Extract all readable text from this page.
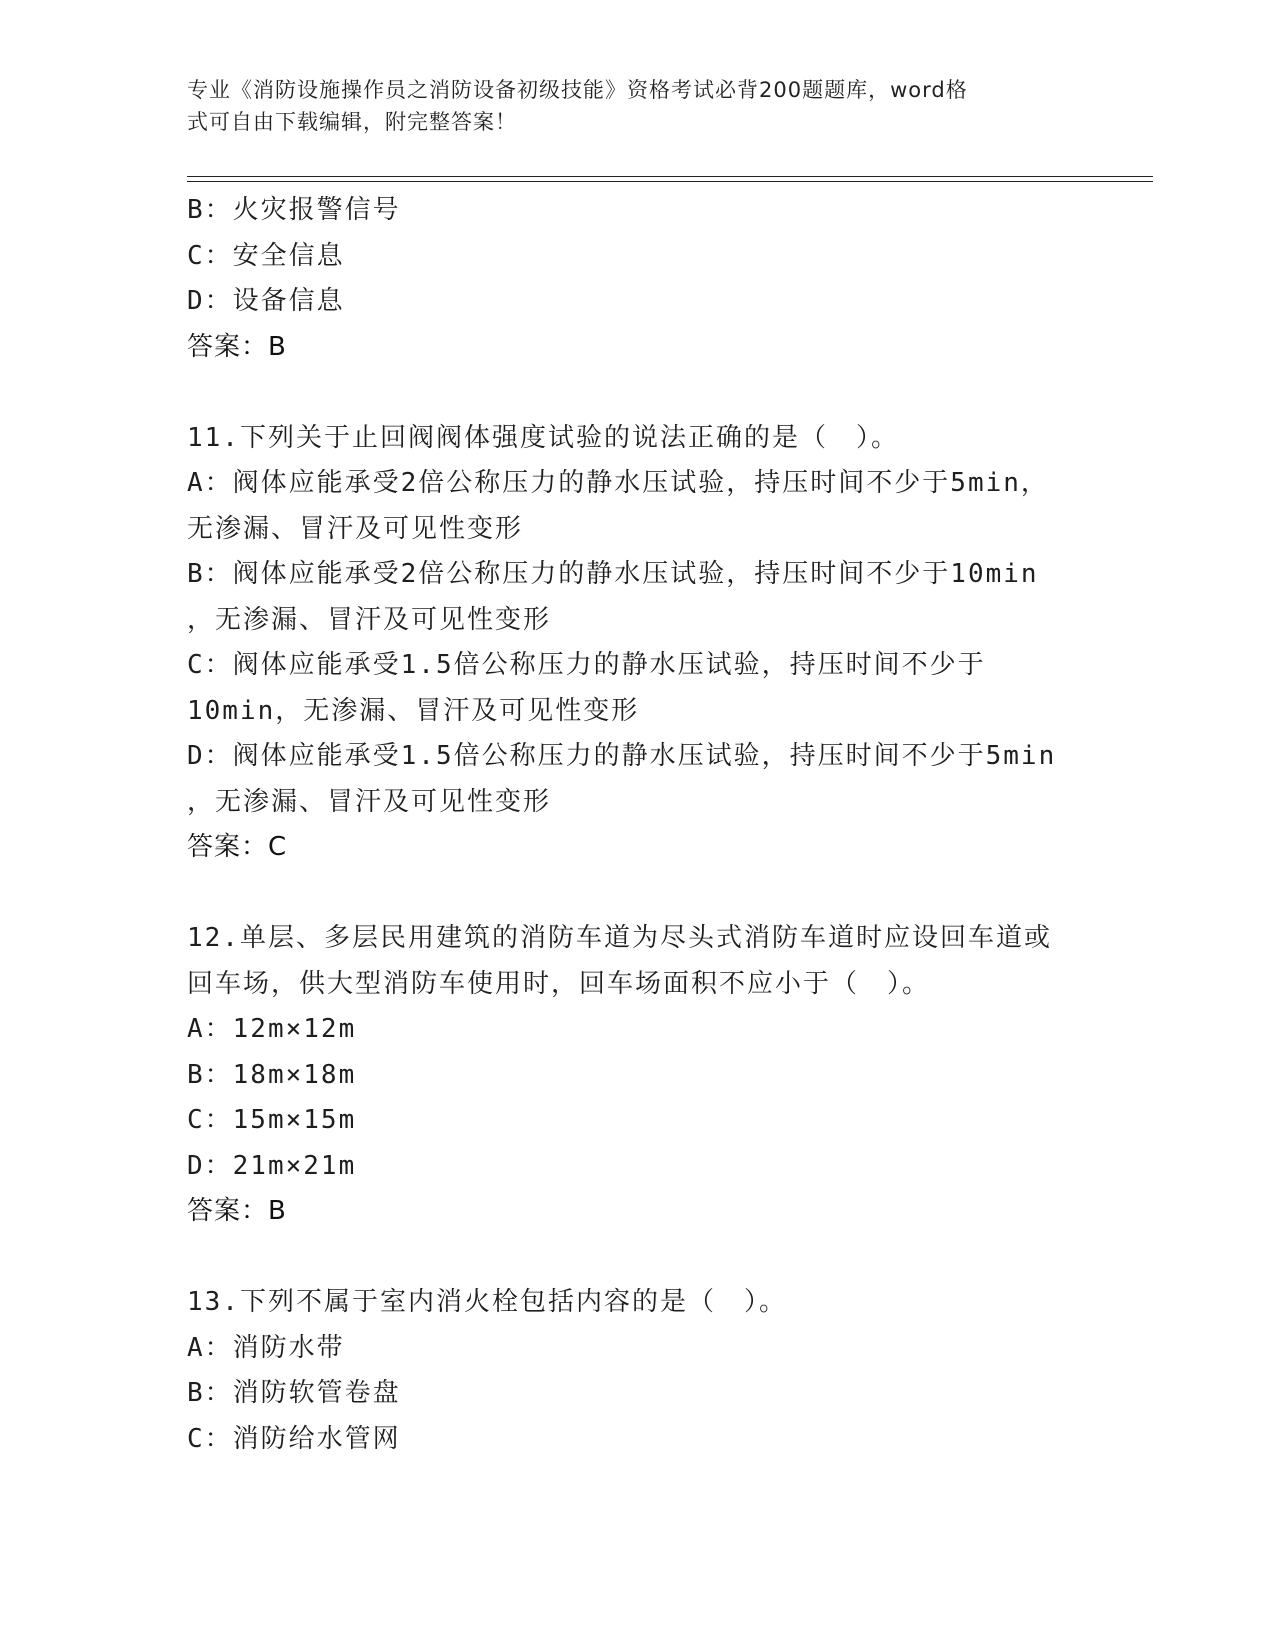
专业《消防设施操作员之消防设备初级技能》资格考试必背200题题库，word格
式可自由下载编辑，附完整答案！
B：火灾报警信号
C：安全信息
D：设备信息
答案：B
11.下列关于止回阀阀体强度试验的说法正确的是（　）。
A：阀体应能承受2倍公称压力的静水压试验，持压时间不少于5min，
无渗漏、冒汗及可见性变形
B：阀体应能承受2倍公称压力的静水压试验，持压时间不少于10min
，无渗漏、冒汗及可见性变形
C：阀体应能承受1.5倍公称压力的静水压试验，持压时间不少于
10min，无渗漏、冒汗及可见性变形
D：阀体应能承受1.5倍公称压力的静水压试验，持压时间不少于5min
，无渗漏、冒汗及可见性变形
答案：C
12.单层、多层民用建筑的消防车道为尽头式消防车道时应设回车道或
回车场，供大型消防车使用时，回车场面积不应小于（　）。
A：12m×12m
B：18m×18m
C：15m×15m
D：21m×21m
答案：B
13.下列不属于室内消火栓包括内容的是（　）。
A：消防水带
B：消防软管卷盘
C：消防给水管网
